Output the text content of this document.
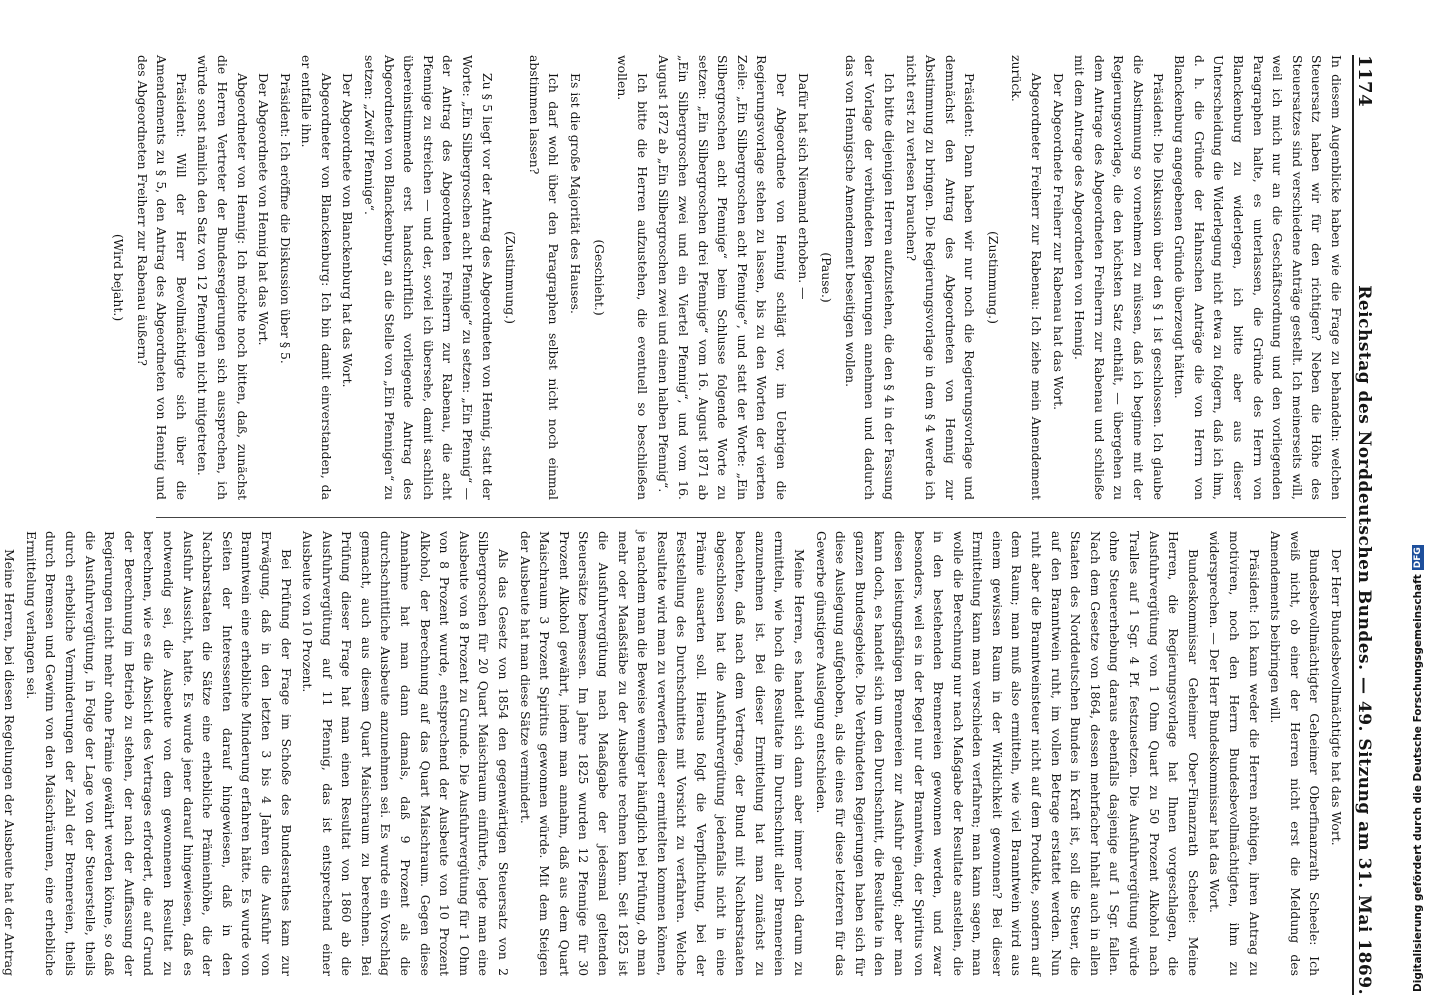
1174
Reichstag des Norddeutschen Bundes. — 49. Sitzung am 31. Mai 1869.

In diesem Augenblicke haben wie die Frage zu behandeln: welchen Steuersatz haben wir für den richtigen? Neben die Höhe des Steuersatzes sind verschiedene Anträge gestellt. Ich meinerseits will, weil ich mich nur an die Geschäftsordnung und den vorliegenden Paragraphen halte, es unterlassen, die Gründe des Herrn von Blanckenburg zu widerlegen, ich bitte aber aus dieser Unterscheidung die Widerlegung nicht etwa zu folgern, daß ich ihm, d. h. die Gründe der Hahnschen Anträge die von Herrn von Blanckenburg angegebenen Gründe überzeugt hätten.

Präsident: Die Diskussion über den § 1 ist geschlossen. Ich glaube die Abstimmung so vornehmen zu müssen, daß ich beginne mit der Regierungsvorlage, die den höchsten Satz enthält, — übergehen zu dem Antrage des Abgeordneten Freiherrn zur Rabenau und schließe mit dem Antrage des Abgeordneten von Hennig.

Der Abgeordnete Freiherr zur Rabenau hat das Wort.

Abgeordneter Freiherr zur Rabenau: Ich ziehe mein Amendement zurück.

(Zustimmung.)

Präsident: Dann haben wir nur noch die Regierungsvorlage und demnächst den Antrag des Abgeordneten von Hennig zur Abstimmung zu bringen. Die Regierungsvorlage in dem § 4 werde ich nicht erst zu verlesen brauchen?

Ich bitte diejenigen Herren aufzustehen, die den § 4 in der Fassung der Vorlage der verbündeten Regierungen annehmen und dadurch das von Hennigsche Amendement beseitigen wollen.

(Pause.)

Dafür hat sich Niemand erhoben. —

Der Abgeordnete von Hennig schlägt vor, im Uebrigen die Regierungsvorlage stehen zu lassen, bis zu den Worten der vierten Zeile: „Ein Silbergroschen acht Pfennige“, und statt der Worte: „Ein Silbergroschen acht Pfennige“ beim Schlusse folgende Worte zu setzen: „Ein Silbergroschen drei Pfennige“ vom 16. August 1871 ab „Ein Silbergroschen zwei und ein Viertel Pfennig“, und vom 16. August 1872 ab „Ein Silbergroschen zwei und einen halben Pfennig“.

Ich bitte die Herren aufzustehen, die eventuell so beschließen wollen.

(Geschieht.)

Es ist die große Majorität des Hauses.

Ich darf wohl über den Paragraphen selbst nicht noch einmal abstimmen lassen?

(Zustimmung.)

Zu § 5 liegt vor der Antrag des Abgeordneten von Hennig, statt der Worte: „Ein Silbergroschen acht Pfennige“ zu setzen: „Ein Pfennig“ — der Antrag des Abgeordneten Freiherrn zur Rabenau, die acht Pfennige zu streichen — und der, soviel ich übersehe, damit sachlich übereinstimmende erst handschriftlich vorliegende Antrag des Abgeordneten von Blanckenburg, an die Stelle von „Ein Pfennigen“ zu setzen: „Zwölf Pfennige“.

Der Abgeordnete von Blanckenburg hat das Wort.

Abgeordneter von Blanckenburg: Ich bin damit einverstanden, da er entfalle ihn.

Präsident: Ich eröffne die Diskussion über § 5.

Der Abgeordnete von Hennig hat das Wort.

Abgeordneter von Hennig: Ich möchte noch bitten, daß, zunächst die Herren Vertreter der Bundesregierungen sich aussprechen, ich würde sonst nämlich den Satz von 12 Pfennigen nicht mitgetreten.

Präsident: Will der Herr Bevollmächtigte sich über die Amendements zu § 5, den Antrag des Abgeordneten von Hennig und des Abgeordneten Freiherr zur Rabenau äußern?

(Wird bejaht.)

Der Herr Bundesbevollmächtigte hat das Wort.

Bundesbevollmächtigter Geheimer Oberfinanzrath Scheele: Ich weiß nicht, ob einer der Herren nicht erst die Meldung des Amendements beibringen will.

Präsident: Ich kann weder die Herren nöthigen, ihren Antrag zu motiviren, noch den Herrn Bundesbevollmächtigten, ihm zu widersprechen. — Der Herr Bundeskommissar hat das Wort.

Bundeskommissar Geheimer Ober-Finanzrath Scheele: Meine Herren, die Regierungsvorlage hat Ihnen vorgeschlagen, die Ausfuhrvergütung von 1 Ohm Quart zu 50 Prozent Alkohol nach Tralles auf 1 Sgr. 4 Pf. festzusetzen. Die Ausfuhrvergütung würde ohne Steuererhebung daraus ebenfalls dasjenige auf 1 Sgr. fallen. Nach dem Gesetze von 1864, dessen mehrfacher Inhalt auch in allen Staaten des Norddeutschen Bundes in Kraft ist, soll die Steuer, die auf den Branntwein ruht, im vollen Betrage erstattet werden. Nun ruht aber die Branntweinsteuer nicht auf dem Produkte, sondern auf dem Raum; man muß also ermitteln, wie viel Branntwein wird aus einem gewissen Raum in der Wirklichkeit gewonnen? Bei dieser Ermittelung kann man verschieden verfahren; man kann sagen, man wolle die Berechnung nur nach Maßgabe der Resultate anstellen, die in den bestehenden Brennereien gewonnen werden, und zwar besonders, weil es in der Regel nur der Branntwein, der Spiritus von diesen leistungsfähigen Brennereien zur Ausfuhr gelangt; aber man kann doch, es handelt sich um den Durchschnitt, die Resultate in den ganzen Bundesgebiete. Die Verbündeten Regierungen haben sich für diese Auslegung aufgehoben, als die eines für diese letzteren für das Gewerbe günstigere Auslegung entschieden.

Meine Herren, es handelt sich dann aber immer noch darum zu ermitteln, wie hoch die Resultate im Durchschnitt aller Brennereien anzunehmen ist. Bei dieser Ermittelung hat man zunächst zu beachten, daß nach dem Vertrage, der Bund mit Nachbarstaaten abgeschlossen hat die Ausfuhrvergütung jedenfalls nicht in eine Prämie ausarten soll. Hieraus folgt die Verpflichtung, bei der Feststellung des Durchschnittes mit Vorsicht zu verfahren. Welche Resultate wird man zu verwerfen dieser ermittelten kommen können, je nachdem man die Beweise wenniger häufiglich bei Prüfung, ob man mehr oder Maaßstäbe zu der Ausbeute rechnen kann. Seit 1825 ist die Ausfuhrvergütung nach Maaßgabe der jedesmal geltenden Steuersätze bemessen. Im Jahre 1825 wurden 12 Pfennige für 30 Prozent Alkohol gewährt, indem man annahm, daß aus dem Quart Maischraum 3 Prozent Spiritus gewonnen würde. Mit dem Steigen der Ausbeute hat man diese Sätze vermindert.

Als das Gesetz von 1854 den gegenwärtigen Steuersatz von 2 Silbergroschen für 20 Quart Maischraum einführte, legte man eine Ausbeute von 8 Prozent zu Grunde. Die Ausfuhrvergütung für 1 Ohm von 8 Prozent wurde, entsprechend der Ausbeute von 10 Prozent Alkohol, der Berechnung auf das Quart Maischraum. Gegen diese Annahme hat man dann damals, daß 9 Prozent als die durchschnittliche Ausbeute anzunehmen sei. Es wurde ein Vorschlag gemacht, auch aus diesem Quart Maischraum zu berechnen. Bei Prüfung dieser Frage hat man einen Resultat von 1860 ab die Ausfuhrvergütung auf 11 Pfennig, das ist entsprechend einer Ausbeute von 10 Prozent.

Bei Prüfung der Frage im Schoße des Bundesrathes kam zur Erwägung, daß in den letzten 3 bis 4 Jahren die Ausfuhr von Branntwein eine erhebliche Minderung erfahren hätte. Es wurde von Seiten der Interessenten darauf hingewiesen, daß in den Nachbarstaaten die Sätze eine erhebliche Prämienhöhe, die der Ausfuhr Aussicht, hatte. Es wurde jener darauf hingewiesen, daß es notwendig sei, die Ausbeute von dem gewonnenen Resultat zu berechnen, wie es die Absicht des Vertrages erfordert, die auf Grund der Berechnung im Betrieb zu stehen, der nach der Auffassung der Regierungen nicht mehr ohne Prämie gewährt werden könne, so daß die Ausfuhrvergütung, in Folge der Lage von der Steuerstelle, theils durch erhebliche Verminderungen der Zahl der Brennereien, theils durch Bremsen und Gewinn von den Maischräumen, eine erhebliche Ermittelung verlangen sei.

Meine Herren, bei diesen Regelungen der Ausbeute hat der Antrag	Digitalisierung gefördert durch die Deutsche Forschungsgemeinschaft
DFG
